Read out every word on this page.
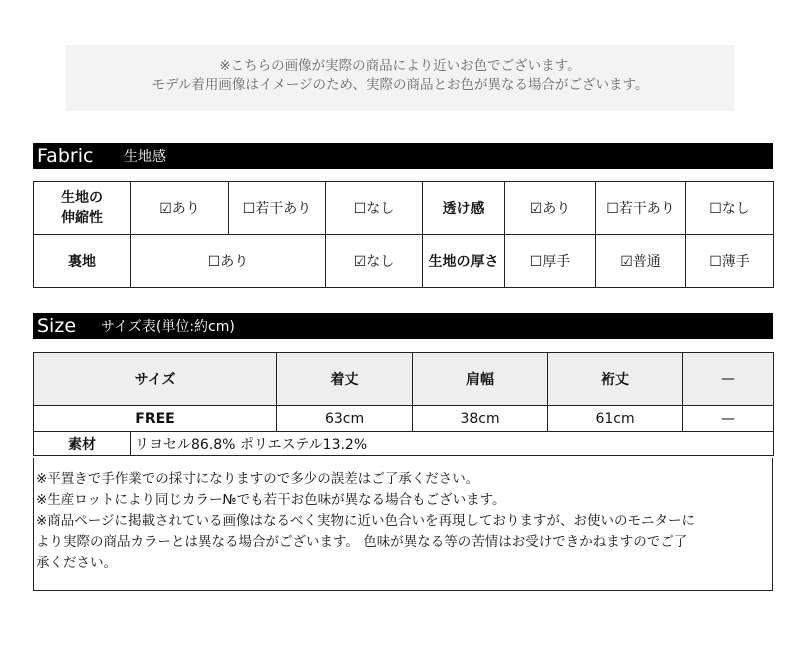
※こちらの画像が実際の商品により近いお色でございます。
モデル着用画像はイメージのため、実際の商品とお色が異なる場合がございます。
Fabric 生地感
生地の
伸縮性	☑あり	☐若干あり	☐なし	透け感	☑あり	☐若干あり	☐なし
裏地	☐あり		☑なし	生地の厚さ	☐厚手	☑普通	☐薄手
Size サイズ表(単位:約cm)
サイズ		着丈	肩幅	裄丈	—
FREE		63cm	38cm	61cm	—
素材	リヨセル86.8% ポリエステル13.2%				
※平置きで手作業での採寸になりますので多少の誤差はご了承ください。
※生産ロットにより同じカラー№でも若干お色味が異なる場合もございます。
※商品ページに掲載されている画像はなるべく実物に近い色合いを再現しておりますが、お使いのモニターに
より実際の商品カラーとは異なる場合がございます。 色味が異なる等の苦情はお受けできかねますのでご了
承ください。
